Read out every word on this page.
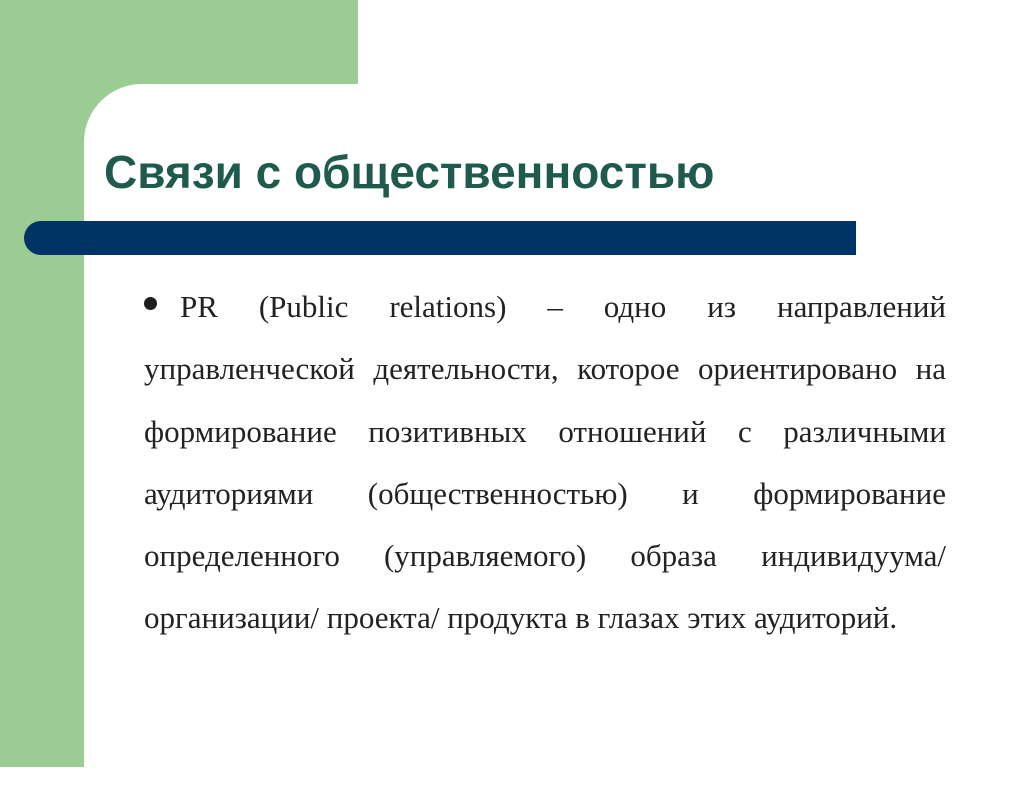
Связи с общественностью

PR (Public relations) – одно из направлений управленческой деятельности, которое ориентировано на формирование позитивных отношений с различными аудиториями (общественностью) и формирование определенного (управляемого) образа индивидуума/ организации/ проекта/ продукта в глазах этих аудиторий.
